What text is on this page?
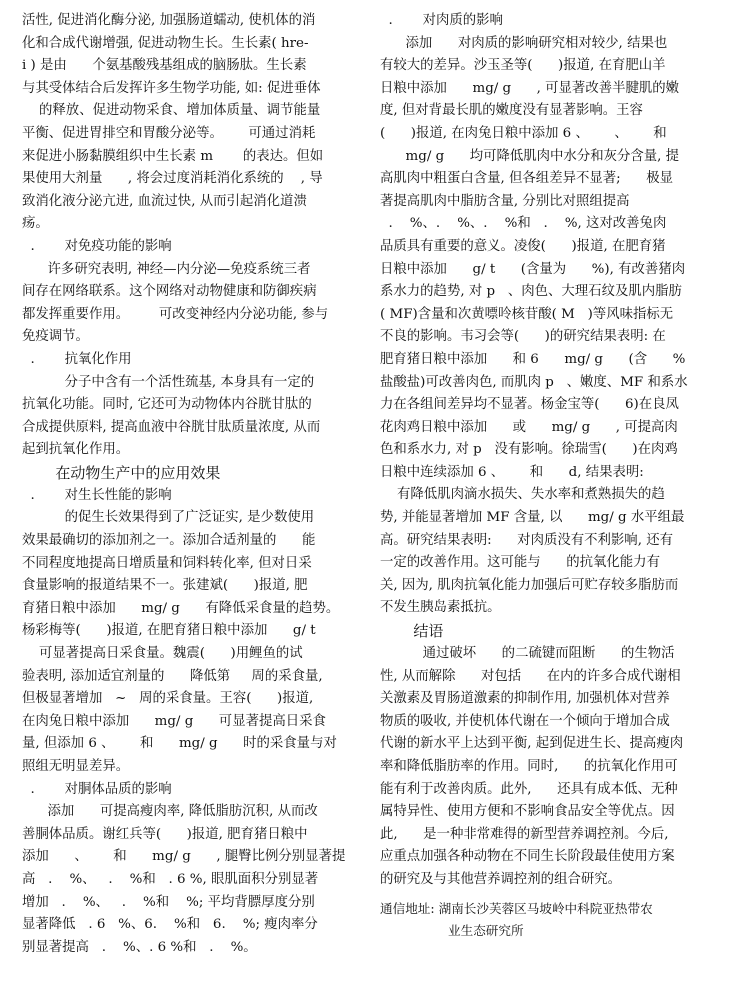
活性, 促进消化酶分泌, 加强肠道蠕动, 使机体的消

化和合成代谢增强, 促进动物生长。生长素( hre-

i ) 是由      个氨基酸残基组成的脑肠肽。生长素

与其受体结合后发挥许多生物学功能, 如: 促进垂体

的释放、促进动物采食、增加体质量、调节能量

平衡、促进胃排空和胃酸分泌等。      可通过消耗

来促进小肠黏膜组织中生长素 m       的表达。但如

果使用大剂量      , 将会过度消耗消化系统的    , 导

致消化液分泌亢进, 血流过快, 从而引起消化道溃

疡。

.       对免疫功能的影响

许多研究表明, 神经—内分泌—免疫系统三者

间存在网络联系。这个网络对动物健康和防御疾病

都发挥重要作用。       可改变神经内分泌功能, 参与

免疫调节。

.       抗氧化作用

分子中含有一个活性巯基, 本身具有一定的

抗氧化功能。同时, 它还可为动物体内谷胱甘肽的

合成提供原料, 提高血液中谷胱甘肽质量浓度, 从而

起到抗氧化作用。

在动物生产中的应用效果

.       对生长性能的影响

的促生长效果得到了广泛证实, 是少数使用

效果最确切的添加剂之一。添加合适剂量的      能

不同程度地提高日增质量和饲料转化率, 但对日采

食量影响的报道结果不一。张建斌(      )报道, 肥

育猪日粮中添加      mg/ g      有降低采食量的趋势。

杨彩梅等(      )报道, 在肥育猪日粮中添加      g/ t

可显著提高日采食量。魏震(      )用鲤鱼的试

验表明, 添加适宜剂量的      降低第     周的采食量,

但极显著增加   ~   周的采食量。王容(      )报道,

在肉兔日粮中添加      mg/ g      可显著提高日采食

量, 但添加 6 、      和      mg/ g      时的采食量与对

照组无明显差异。

.       对胴体品质的影响

添加      可提高瘦肉率, 降低脂肪沉积, 从而改

善胴体品质。谢红兵等(      )报道, 肥育猪日粮中

添加      、      和      mg/ g      , 腿臀比例分别显著提

高   .    %、   .    %和   . 6 %, 眼肌面积分别显著

增加   .    %、   .    %和    %; 平均背膘厚度分别

显著降低   . 6   %、6.    %和   6.    %; 瘦肉率分

别显著提高   .    %、. 6 %和   .    %。

.       对肉质的影响

添加      对肉质的影响研究相对较少, 结果也

有较大的差异。沙玉圣等(      )报道, 在育肥山羊

日粮中添加      mg/ g      , 可显著改善半腱肌的嫩

度, 但对背最长肌的嫩度没有显著影响。王容

(      )报道, 在肉兔日粮中添加 6 、      、      和

mg/ g      均可降低肌肉中水分和灰分含量, 提

高肌肉中粗蛋白含量, 但各组差异不显著;      极显

著提高肌肉中脂肪含量, 分别比对照组提高

.    %、.    %、.    %和   .    %, 这对改善兔肉

品质具有重要的意义。凌俊(      )报道, 在肥育猪

日粮中添加      g/ t      (含量为      %), 有改善猪肉

系水力的趋势, 对 p   、肉色、大理石纹及肌内脂肪

( MF)含量和次黄嘌呤核苷酸( M   )等风味指标无

不良的影响。韦习会等(      )的研究结果表明: 在

肥育猪日粮中添加      和 6      mg/ g      (含      %

盐酸盐)可改善肉色, 而肌肉 p   、嫩度、MF 和系水

力在各组间差异均不显著。杨金宝等(      6)在良凤

花肉鸡日粮中添加      或      mg/ g      , 可提高肉

色和系水力, 对 p   没有影响。徐瑞雪(      )在肉鸡

日粮中连续添加 6 、      和      d, 结果表明:

有降低肌肉滴水损失、失水率和煮熟损失的趋

势, 并能显著增加 MF 含量, 以      mg/ g 水平组最

高。研究结果表明:      对肉质没有不利影响, 还有

一定的改善作用。这可能与      的抗氧化能力有

关, 因为, 肌肉抗氧化能力加强后可贮存较多脂肪而

不发生胰岛素抵抗。

结语

通过破坏      的二硫键而阻断      的生物活

性, 从而解除      对包括      在内的许多合成代谢相

关激素及胃肠道激素的抑制作用, 加强机体对营养

物质的吸收, 并使机体代谢在一个倾向于增加合成

代谢的新水平上达到平衡, 起到促进生长、提高瘦肉

率和降低脂肪率的作用。同时,      的抗氧化作用可

能有利于改善肉质。此外,      还具有成本低、无种

属特异性、使用方便和不影响食品安全等优点。因

此,      是一种非常难得的新型营养调控剂。今后,

应重点加强各种动物在不同生长阶段最佳使用方案

的研究及与其他营养调控剂的组合研究。

通信地址: 湖南长沙芙蓉区马坡岭中科院亚热带农

业生态研究所
